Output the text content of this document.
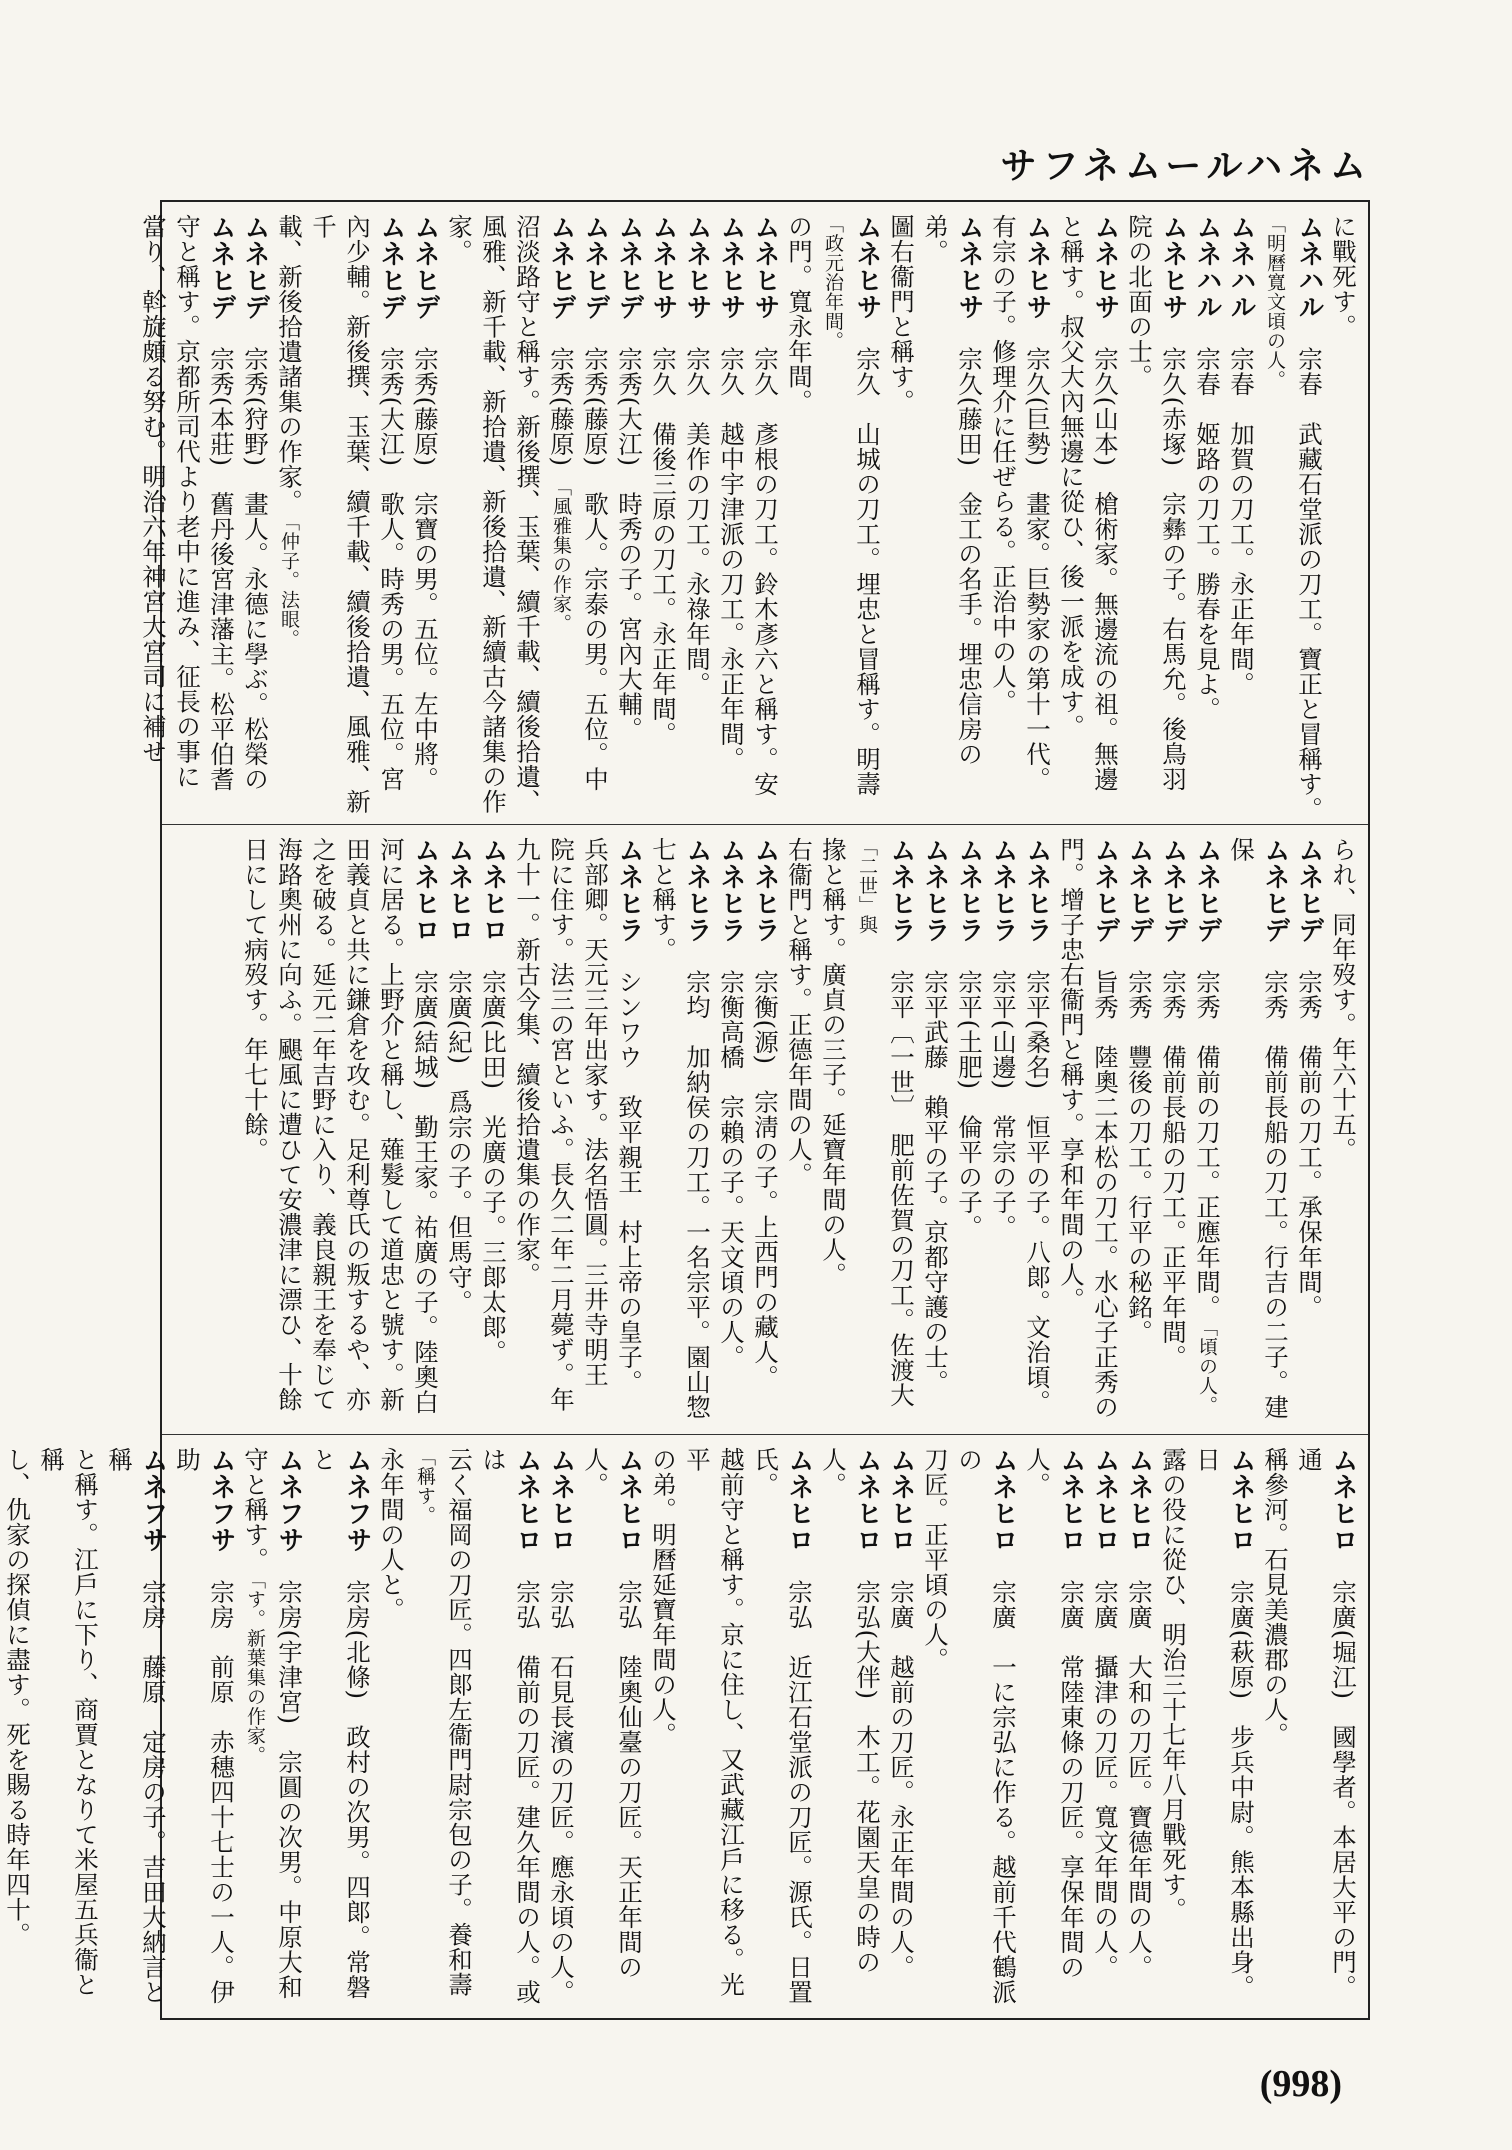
サフネムールハネム
に戰死す。
ムネハル　宗春　武藏石堂派の刀工。寶正と冒稱す。　「明曆寬文頃の人。
ムネハル　宗春　加賀の刀工。永正年間。
ムネハル　宗春　姬路の刀工。勝春を見よ。
ムネヒサ　宗久(赤塚)　宗彝の子。右馬允。後鳥羽
院の北面の士。
ムネヒサ　宗久(山本)　槍術家。無邊流の祖。無邊
と稱す。叔父大內無邊に從ひ、後一派を成す。
ムネヒサ　宗久(巨勢)　畫家。巨勢家の第十一代。
有宗の子。修理介に任ぜらる。正治中の人。
ムネヒサ　宗久(藤田)　金工の名手。埋忠信房の弟。
圖右衞門と稱す。
ムネヒサ　宗久　山城の刀工。埋忠と冒稱す。明壽　「政元治年間。
の門。寬永年間。
ムネヒサ　宗久　彥根の刀工。鈴木彥六と稱す。安
ムネヒサ　宗久　越中宇津派の刀工。永正年間。
ムネヒサ　宗久　美作の刀工。永祿年間。
ムネヒサ　宗久　備後三原の刀工。永正年間。
ムネヒデ　宗秀(大江)　時秀の子。宮內大輔。
ムネヒデ　宗秀(藤原)　歌人。宗泰の男。五位。中
ムネヒデ　宗秀(藤原)　「風雅集の作家。
沼淡路守と稱す。新後撰、玉葉、續千載、續後拾遺、
風雅、新千載、新拾遺、新後拾遺、新續古今諸集の作
家。
ムネヒデ　宗秀(藤原)　宗寶の男。五位。左中將。
ムネヒデ　宗秀(大江)　歌人。時秀の男。五位。宮
內少輔。新後撰、玉葉、續千載、續後拾遺、風雅、新千
載、新後拾遺諸集の作家。　「仲子。法眼。
ムネヒデ　宗秀(狩野)　畫人。永德に學ぶ。松榮の
ムネヒデ　宗秀(本莊)　舊丹後宮津藩主。松平伯耆
守と稱す。京都所司代より老中に進み、征長の事に
當り、斡旋頗る努む。明治六年神宮大宮司に補せ
られ、同年歿す。年六十五。
ムネヒデ　宗秀　備前の刀工。承保年間。
ムネヒデ　宗秀　備前長船の刀工。行吉の二子。建保
ムネヒデ　宗秀　備前の刀工。正應年間。　「頃の人。
ムネヒデ　宗秀　備前長船の刀工。正平年間。
ムネヒデ　宗秀　豐後の刀工。行平の秘銘。
ムネヒデ　旨秀　陸奧二本松の刀工。水心子正秀の
門。增子忠右衞門と稱す。享和年間の人。
ムネヒラ　宗平(桑名)　恒平の子。八郞。文治頃。
ムネヒラ　宗平(山邊)　常宗の子。
ムネヒラ　宗平(土肥)　倫平の子。
ムネヒラ　宗平武藤　賴平の子。京都守護の士。
ムネヒラ　宗平〔一世〕　肥前佐賀の刀工。佐渡大　「二世」與
掾と稱す。廣貞の三子。延寶年間の人。
右衞門と稱す。正德年間の人。
ムネヒラ　宗衡(源)　宗淸の子。上西門の藏人。
ムネヒラ　宗衡高橋　宗賴の子。天文頃の人。
ムネヒラ　宗均　加納侯の刀工。一名宗平。園山惣
七と稱す。
ムネヒラ　シンワウ　致平親王　村上帝の皇子。
兵部卿。天元三年出家す。法名悟圓。三井寺明王
院に住す。法三の宮といふ。長久二年二月薨ず。年
九十一。新古今集、續後拾遺集の作家。
ムネヒロ　宗廣(比田)　光廣の子。三郞太郞。
ムネヒロ　宗廣(紀)　爲宗の子。但馬守。
ムネヒロ　宗廣(結城)　勤王家。祐廣の子。陸奧白
河に居る。上野介と稱し、薙髮して道忠と號す。新
田義貞と共に鎌倉を攻む。足利尊氏の叛するや、亦
之を破る。延元二年吉野に入り、義良親王を奉じて
海路奧州に向ふ。颶風に遭ひて安濃津に漂ひ、十餘
日にして病歿す。年七十餘。
ムネヒロ　宗廣(堀江)　國學者。本居大平の門。通
稱參河。石見美濃郡の人。
ムネヒロ　宗廣(萩原)　步兵中尉。熊本縣出身。日
露の役に從ひ、明治三十七年八月戰死す。
ムネヒロ　宗廣　大和の刀匠。寶德年間の人。
ムネヒロ　宗廣　攝津の刀匠。寬文年間の人。
ムネヒロ　宗廣　常陸東條の刀匠。享保年間の人。
ムネヒロ　宗廣　一に宗弘に作る。越前千代鶴派の
刀匠。正平頃の人。
ムネヒロ　宗廣　越前の刀匠。永正年間の人。
ムネヒロ　宗弘(大伴)　木工。花園天皇の時の人。
ムネヒロ　宗弘　近江石堂派の刀匠。源氏。日置氏。
越前守と稱す。京に住し、又武藏江戶に移る。光平
の弟。明曆延寶年間の人。
ムネヒロ　宗弘　陸奧仙臺の刀匠。天正年間の人。
ムネヒロ　宗弘　石見長濱の刀匠。應永頃の人。
ムネヒロ　宗弘　備前の刀匠。建久年間の人。或は
云く福岡の刀匠。四郞左衞門尉宗包の子。養和壽　「稱す。
永年間の人と。
ムネフサ　宗房(北條)　政村の次男。四郞。常磐と
ムネフサ　宗房(宇津宮)　宗圓の次男。中原大和
守と稱す。　「す。新葉集の作家。
ムネフサ　宗房　前原　赤穗四十七士の一人。伊助
ムネフサ　宗房　藤原　定房の子。吉田大納言と稱
と稱す。江戶に下り、商賈となりて米屋五兵衞と稱
し、仇家の探偵に盡す。死を賜る時年四十。
(998)
